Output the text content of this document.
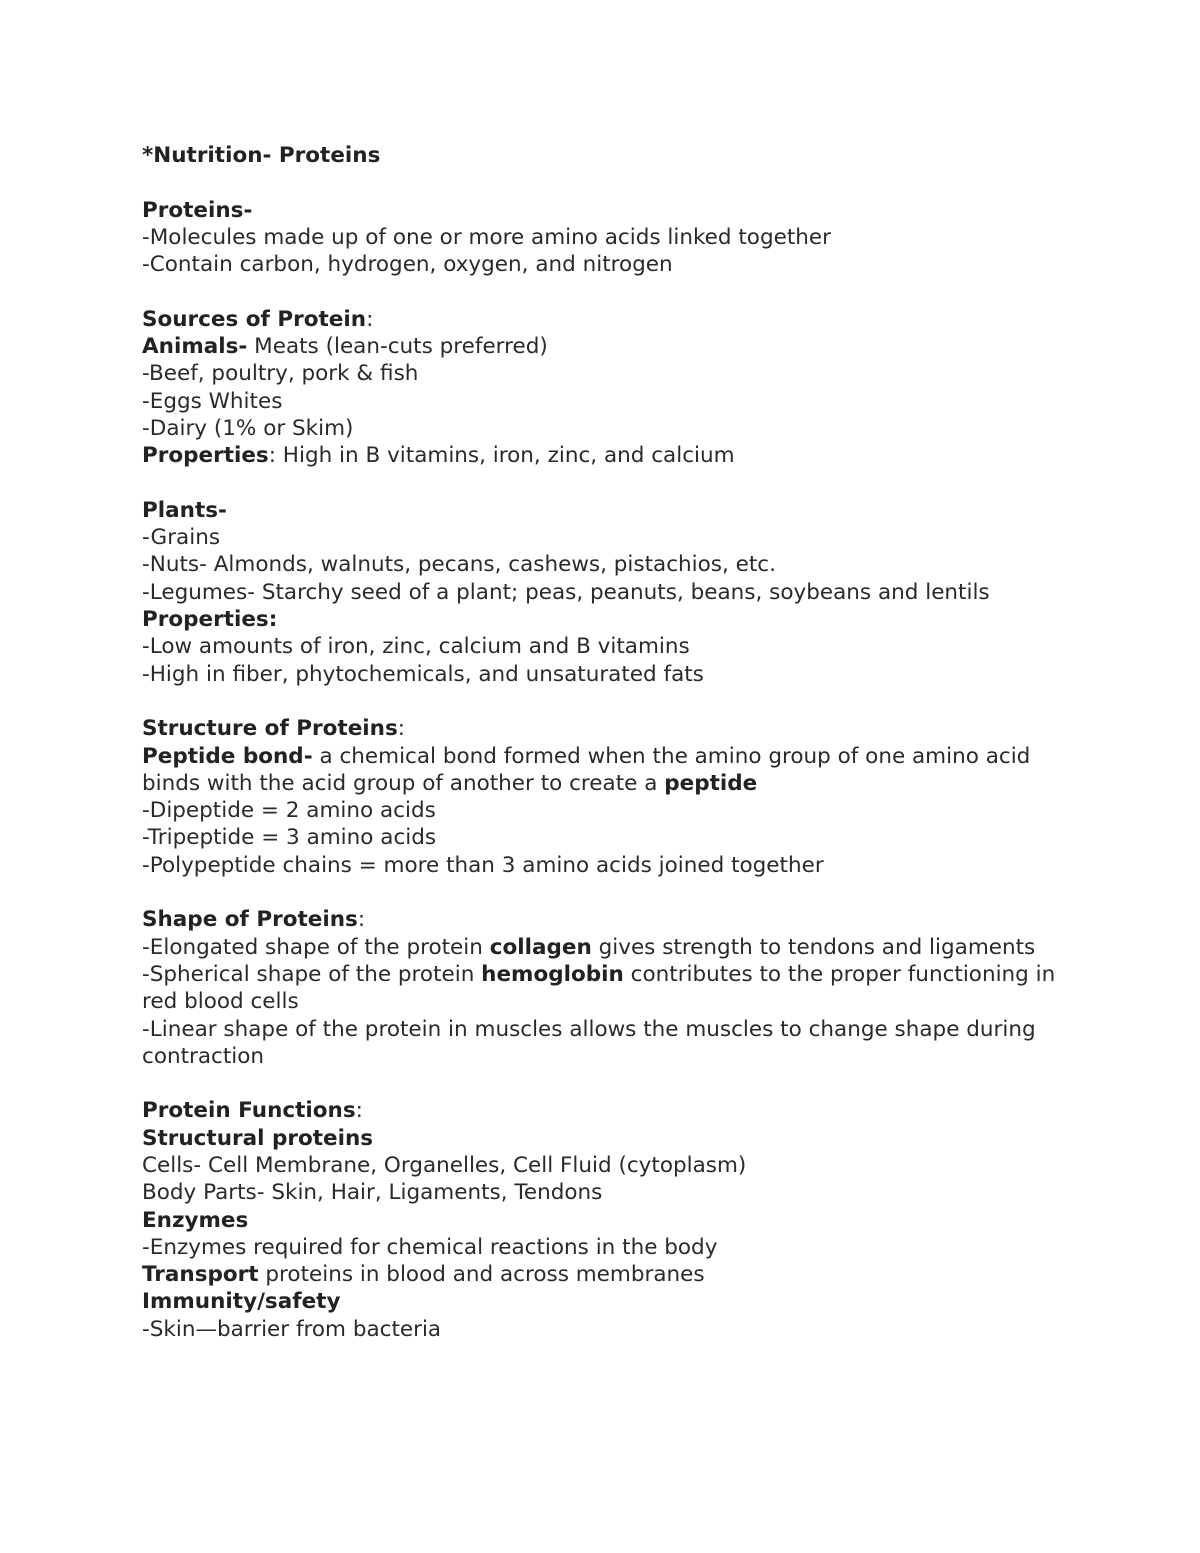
*Nutrition- Proteins
Proteins-
-Molecules made up of one or more amino acids linked together
-Contain carbon, hydrogen, oxygen, and nitrogen
Sources of Protein:
Animals- Meats (lean-cuts preferred)
-Beef, poultry, pork & fish
-Eggs Whites
-Dairy (1% or Skim)
Properties: High in B vitamins, iron, zinc, and calcium
Plants-
-Grains
-Nuts- Almonds, walnuts, pecans, cashews, pistachios, etc.
-Legumes- Starchy seed of a plant; peas, peanuts, beans, soybeans and lentils
Properties:
-Low amounts of iron, zinc, calcium and B vitamins
-High in fiber, phytochemicals, and unsaturated fats
Structure of Proteins:
Peptide bond- a chemical bond formed when the amino group of one amino acid binds with the acid group of another to create a peptide
-Dipeptide = 2 amino acids
-Tripeptide = 3 amino acids
-Polypeptide chains = more than 3 amino acids joined together
Shape of Proteins:
-Elongated shape of the protein collagen gives strength to tendons and ligaments
-Spherical shape of the protein hemoglobin contributes to the proper functioning in red blood cells
-Linear shape of the protein in muscles allows the muscles to change shape during contraction
Protein Functions:
Structural proteins
Cells- Cell Membrane, Organelles, Cell Fluid (cytoplasm)
Body Parts- Skin, Hair, Ligaments, Tendons
Enzymes
-Enzymes required for chemical reactions in the body
Transport proteins in blood and across membranes
Immunity/safety
-Skin—barrier from bacteria
